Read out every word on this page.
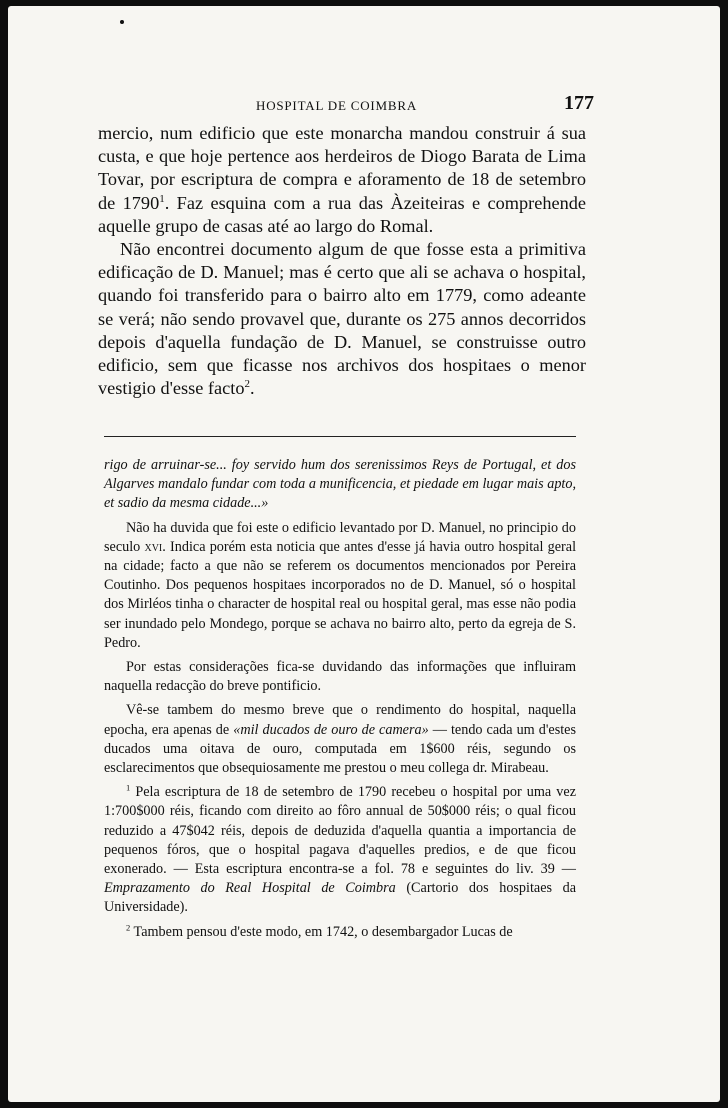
HOSPITAL DE COIMBRA	177

mercio, num edificio que este monarcha mandou construir á sua custa, e que hoje pertence aos herdeiros de Diogo Barata de Lima Tovar, por escriptura de compra e aforamento de 18 de setembro de 1790$^1$. Faz esquina com a rua das Àzeiteiras e comprehende aquelle grupo de casas até ao largo do Romal.

Não encontrei documento algum de que fosse esta a primitiva edificação de D. Manuel; mas é certo que ali se achava o hospital, quando foi transferido para o bairro alto em 1779, como adeante se verá; não sendo provavel que, durante os 275 annos decorridos depois d'aquella fundação de D. Manuel, se construisse outro edificio, sem que ficasse nos archivos dos hospitaes o menor vestigio d'esse facto$^2$.

rigo de arruinar-se... foy servido hum dos serenissimos Reys de Portugal, et dos Algarves mandalo fundar com toda a munificencia, et piedade em lugar mais apto, et sadio da mesma cidade...»

Não ha duvida que foi este o edificio levantado por D. Manuel, no principio do seculo xvi. Indica porém esta noticia que antes d'esse já havia outro hospital geral na cidade; facto a que não se referem os documentos mencionados por Pereira Coutinho. Dos pequenos hospitaes incorporados no de D. Manuel, só o hospital dos Mirléos tinha o character de hospital real ou hospital geral, mas esse não podia ser inundado pelo Mondego, porque se achava no bairro alto, perto da egreja de S. Pedro.

Por estas considerações fica-se duvidando das informações que influiram naquella redacção do breve pontificio.

Vê-se tambem do mesmo breve que o rendimento do hospital, naquella epocha, era apenas de «mil ducados de ouro de camera» — tendo cada um d'estes ducados uma oitava de ouro, computada em 1$600 réis, segundo os esclarecimentos que obsequiosamente me prestou o meu collega dr. Mirabeau.

$^1$ Pela escriptura de 18 de setembro de 1790 recebeu o hospital por uma vez 1:700$000 réis, ficando com direito ao fôro annual de 50$000 réis; o qual ficou reduzido a 47$042 réis, depois de deduzida d'aquella quantia a importancia de pequenos fóros, que o hospital pagava d'aquelles predios, e de que ficou exonerado. — Esta escriptura encontra-se a fol. 78 e seguintes do liv. 39 — Emprazamento do Real Hospital de Coimbra (Cartorio dos hospitaes da Universidade).

$^2$ Tambem pensou d'este modo, em 1742, o desembargador Lucas de
